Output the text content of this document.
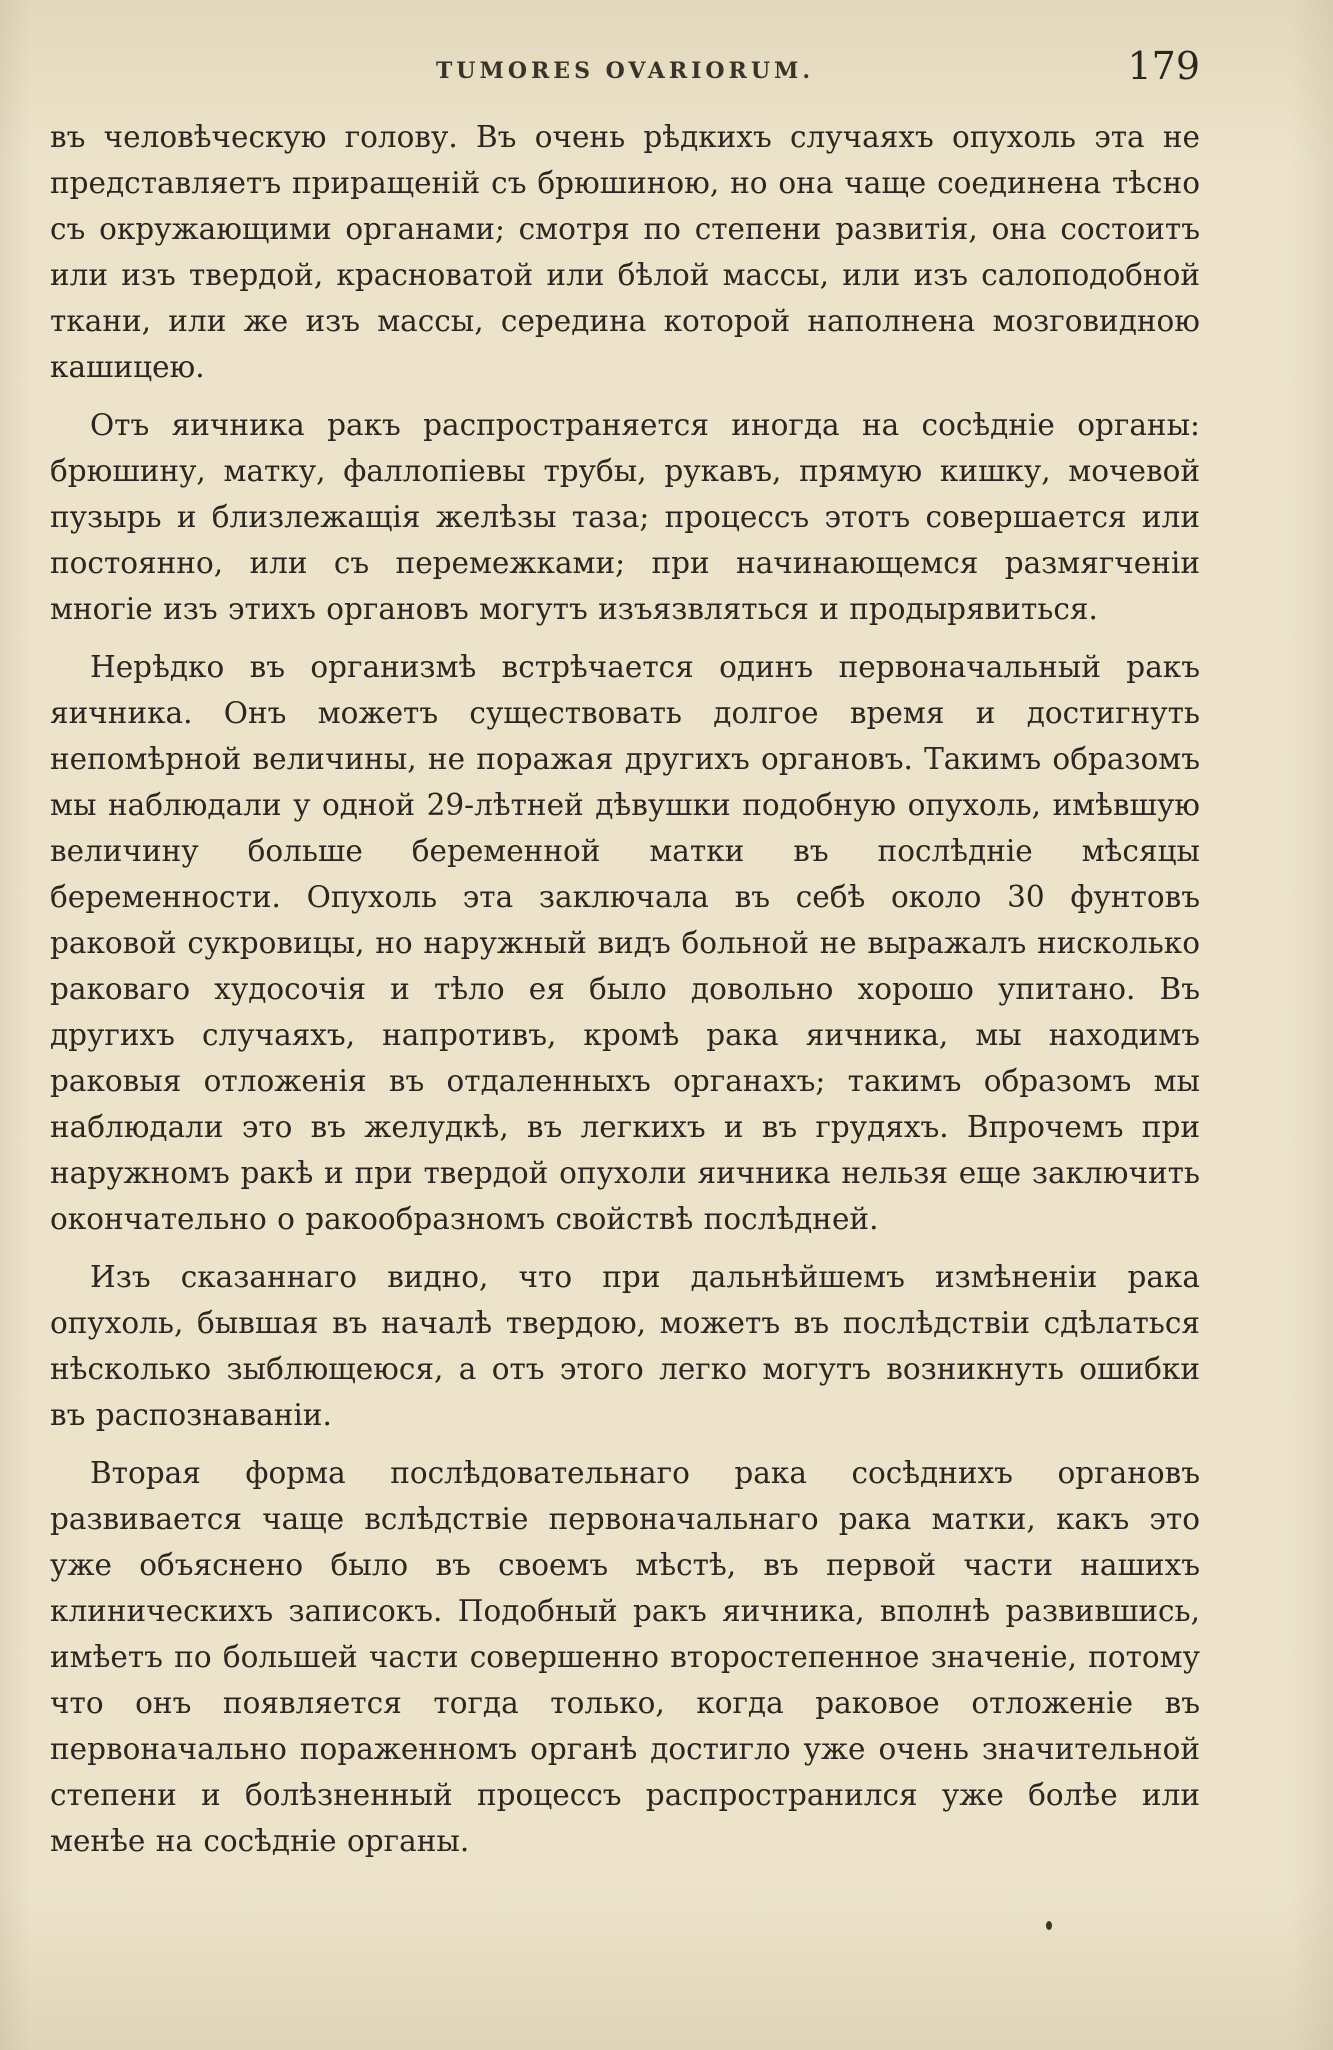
TUMORES OVARIORUM.	179

въ человѣческую голову. Въ очень рѣдкихъ случаяхъ опухоль эта не представляетъ приращеній съ брюшиною, но она чаще соединена тѣсно съ окружающими органами; смотря по степени развитія, она состоитъ или изъ твердой, красноватой или бѣлой массы, или изъ салоподобной ткани, или же изъ массы, середина которой наполнена мозговидною кашицею.

Отъ яичника ракъ распространяется иногда на сосѣдніе органы: брюшину, матку, фаллопіевы трубы, рукавъ, прямую кишку, мочевой пузырь и близлежащія желѣзы таза; процессъ этотъ совершается или постоянно, или съ перемежками; при начинающемся размягченіи многіе изъ этихъ органовъ могутъ изъязвляться и продырявиться.

Нерѣдко въ организмѣ встрѣчается одинъ первоначальный ракъ яичника. Онъ можетъ существовать долгое время и достигнуть непомѣрной величины, не поражая другихъ органовъ. Такимъ образомъ мы наблюдали у одной 29-лѣтней дѣвушки подобную опухоль, имѣвшую величину больше беременной матки въ послѣдніе мѣсяцы беременности. Опухоль эта заключала въ себѣ около 30 фунтовъ раковой сукровицы, но наружный видъ больной не выражалъ нисколько раковаго худосочія и тѣло ея было довольно хорошо упитано. Въ другихъ случаяхъ, напротивъ, кромѣ рака яичника, мы находимъ раковыя отложенія въ отдаленныхъ органахъ; такимъ образомъ мы наблюдали это въ желудкѣ, въ легкихъ и въ грудяхъ. Впрочемъ при наружномъ ракѣ и при твердой опухоли яичника нельзя еще заключить окончательно о ракообразномъ свойствѣ послѣдней.

Изъ сказаннаго видно, что при дальнѣйшемъ измѣненіи рака опухоль, бывшая въ началѣ твердою, можетъ въ послѣдствіи сдѣлаться нѣсколько зыблющеюся, а отъ этого легко могутъ возникнуть ошибки въ распознаваніи.

Вторая форма послѣдовательнаго рака сосѣднихъ органовъ развивается чаще вслѣдствіе первоначальнаго рака матки, какъ это уже объяснено было въ своемъ мѣстѣ, въ первой части нашихъ клиническихъ записокъ. Подобный ракъ яичника, вполнѣ развившись, имѣетъ по большей части совершенно второстепенное значеніе, потому что онъ появляется тогда только, когда раковое отложеніе въ первоначально пораженномъ органѣ достигло уже очень значительной степени и болѣзненный процессъ распространился уже болѣе или менѣе на сосѣдніе органы.
